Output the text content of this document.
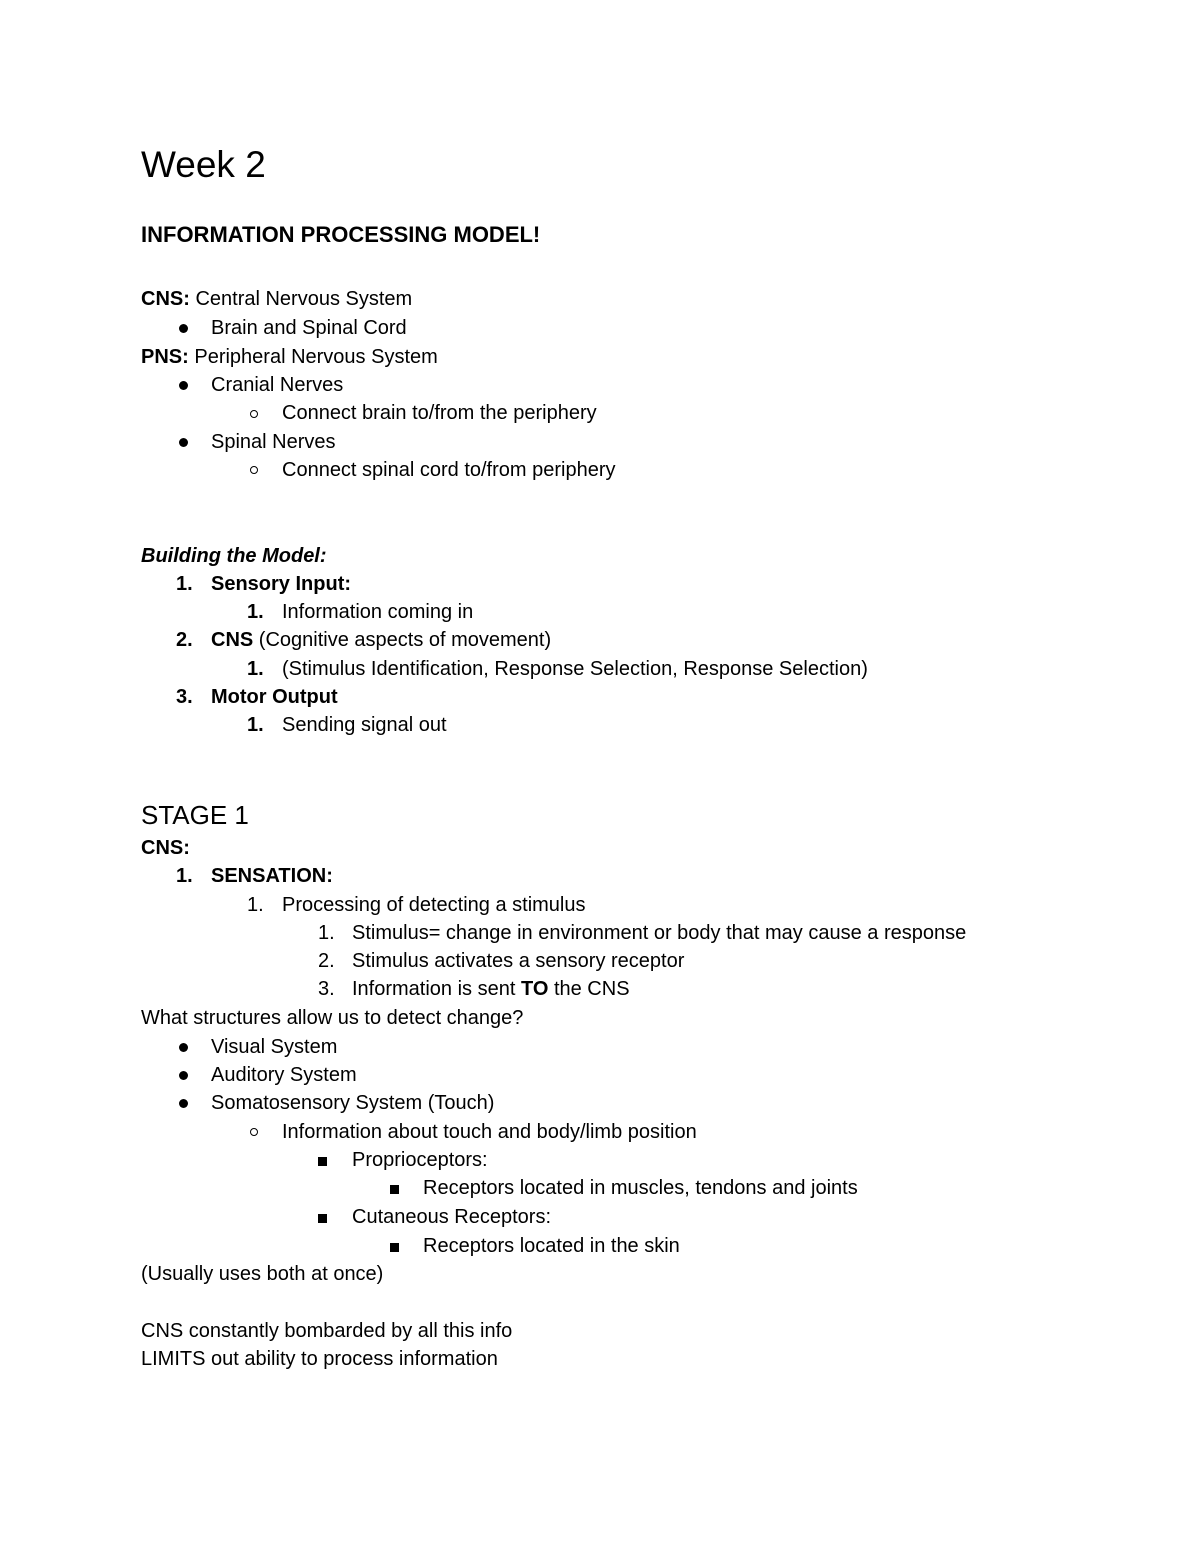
Week 2
INFORMATION PROCESSING MODEL!
CNS: Central Nervous System
Brain and Spinal Cord
PNS: Peripheral Nervous System
Cranial Nerves
Connect brain to/from the periphery
Spinal Nerves
Connect spinal cord to/from periphery
Building the Model:
1. Sensory Input:
1. Information coming in
2. CNS (Cognitive aspects of movement)
1. (Stimulus Identification, Response Selection, Response Selection)
3. Motor Output
1. Sending signal out
STAGE 1
CNS:
1. SENSATION:
1. Processing of detecting a stimulus
1. Stimulus= change in environment or body that may cause a response
2. Stimulus activates a sensory receptor
3. Information is sent TO the CNS
What structures allow us to detect change?
Visual System
Auditory System
Somatosensory System (Touch)
Information about touch and body/limb position
Proprioceptors:
Receptors located in muscles, tendons and joints
Cutaneous Receptors:
Receptors located in the skin
(Usually uses both at once)
CNS constantly bombarded by all this info
LIMITS out ability to process information
